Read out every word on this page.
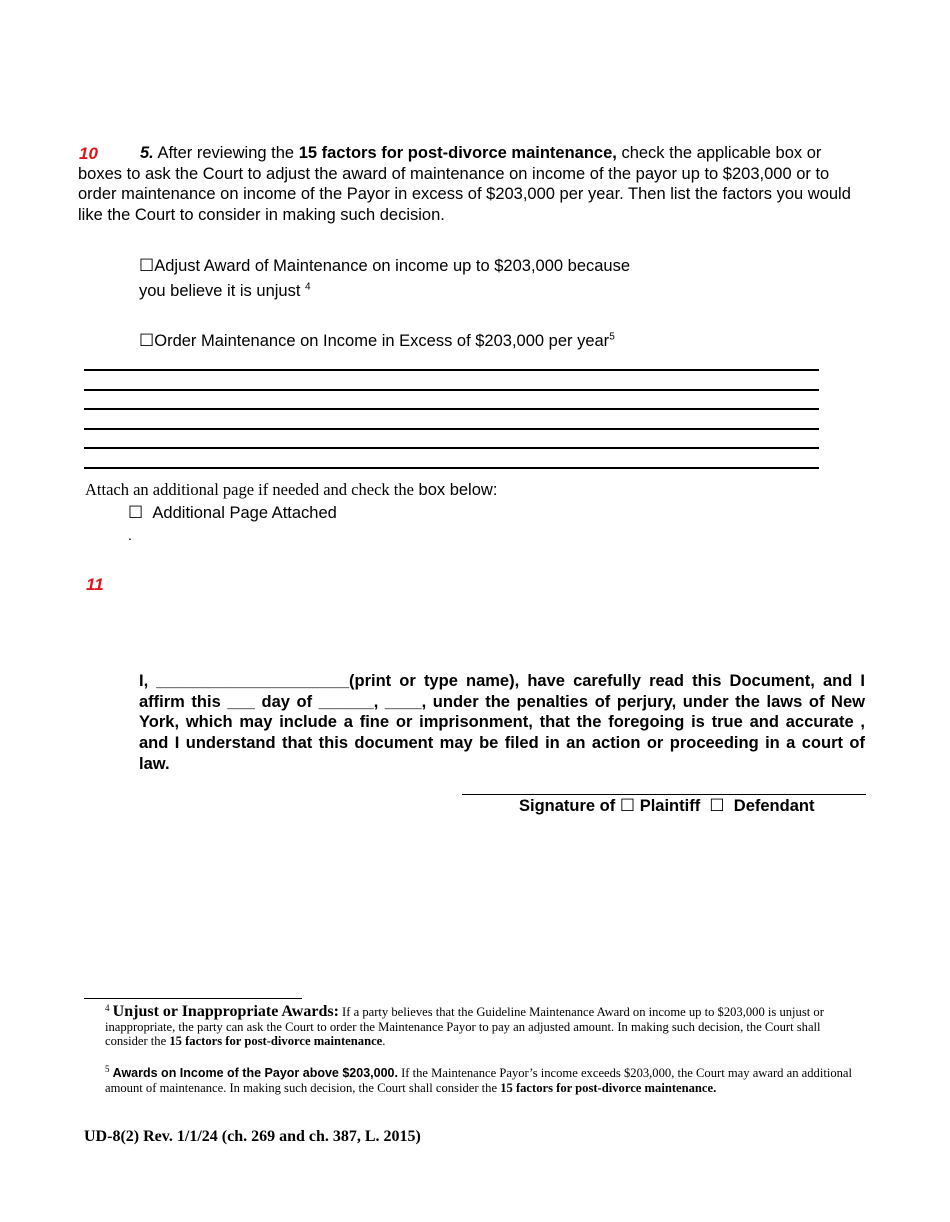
10	5. After reviewing the 15 factors for post-divorce maintenance, check the applicable box or boxes to ask the Court to adjust the award of maintenance on income of the payor up to $203,000 or to order maintenance on income of the Payor in excess of $203,000 per year. Then list the factors you would like the Court to consider in making such decision.
☐Adjust Award of Maintenance on income up to $203,000 because
you believe it is unjust $^4$
☐Order Maintenance on Income in Excess of $203,000 per year$^5$
Attach an additional page if needed and check the box below:
☐ Additional Page Attached
.
11
I, _____________________(print or type name), have carefully read this Document, and I affirm this ___ day of ______, ____, under the penalties of perjury, under the laws of New York, which may include a fine or imprisonment, that the foregoing is true and accurate , and I understand that this document may be filed in an action or proceeding in a court of law.
Signature of ☐ Plaintiff ☐ Defendant
$^4$ Unjust or Inappropriate Awards: If a party believes that the Guideline Maintenance Award on income up to $203,000 is unjust or inappropriate, the party can ask the Court to order the Maintenance Payor to pay an adjusted amount. In making such decision, the Court shall consider the 15 factors for post-divorce maintenance.
$^5$ Awards on Income of the Payor above $203,000. If the Maintenance Payor’s income exceeds $203,000, the Court may award an additional amount of maintenance. In making such decision, the Court shall consider the 15 factors for post-divorce maintenance.
UD-8(2) Rev. 1/1/24 (ch. 269 and ch. 387, L. 2015)
